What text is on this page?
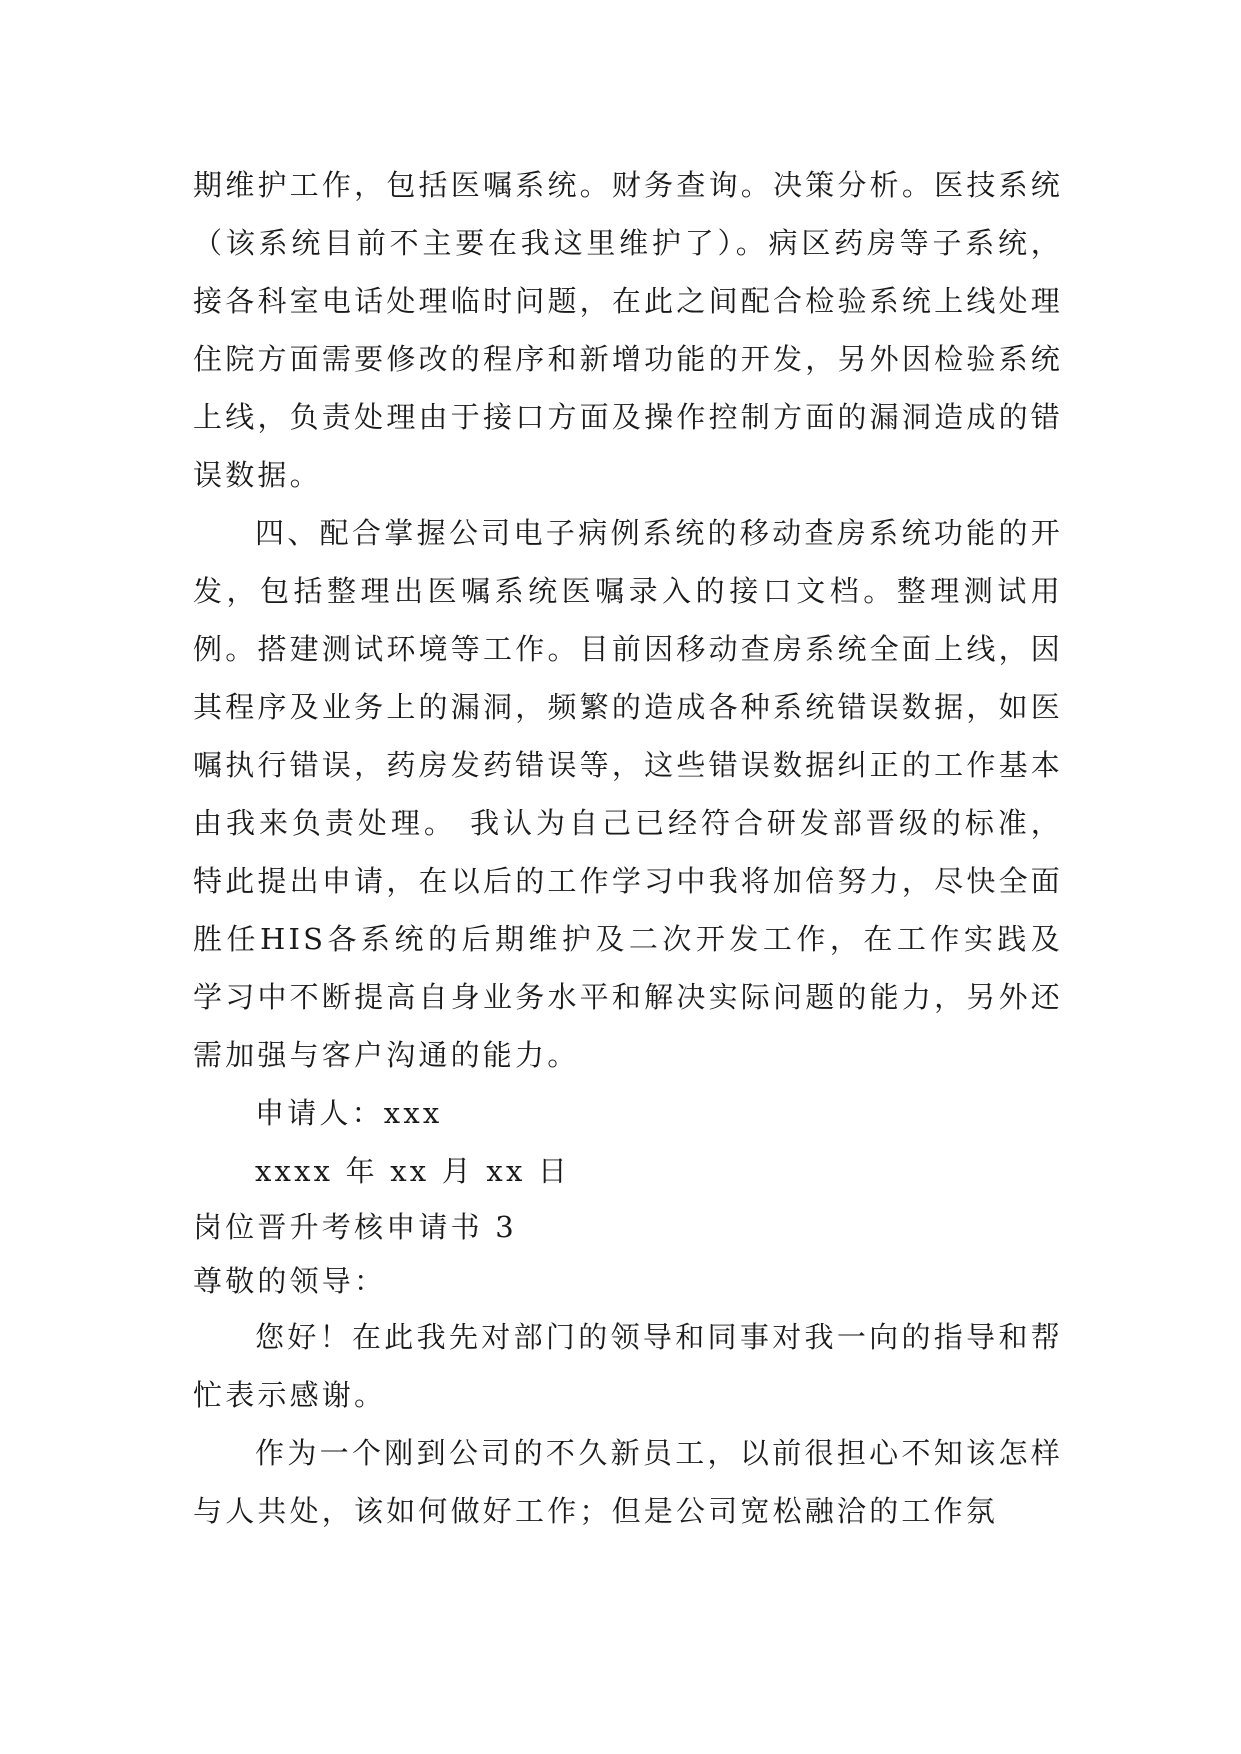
期维护工作，包括医嘱系统。财务查询。决策分析。医技系统（该系统目前不主要在我这里维护了）。病区药房等子系统，接各科室电话处理临时问题，在此之间配合检验系统上线处理住院方面需要修改的程序和新增功能的开发，另外因检验系统上线，负责处理由于接口方面及操作控制方面的漏洞造成的错误数据。

四、配合掌握公司电子病例系统的移动查房系统功能的开发，包括整理出医嘱系统医嘱录入的接口文档。整理测试用例。搭建测试环境等工作。目前因移动查房系统全面上线，因其程序及业务上的漏洞，频繁的造成各种系统错误数据，如医嘱执行错误，药房发药错误等，这些错误数据纠正的工作基本由我来负责处理。 我认为自己已经符合研发部晋级的标准，特此提出申请，在以后的工作学习中我将加倍努力，尽快全面胜任HIS各系统的后期维护及二次开发工作，在工作实践及学习中不断提高自身业务水平和解决实际问题的能力，另外还需加强与客户沟通的能力。

申请人：xxx

xxxx 年 xx 月 xx 日

岗位晋升考核申请书 3

尊敬的领导：

您好！在此我先对部门的领导和同事对我一向的指导和帮忙表示感谢。

作为一个刚到公司的不久新员工，以前很担心不知该怎样与人共处，该如何做好工作；但是公司宽松融洽的工作氛
